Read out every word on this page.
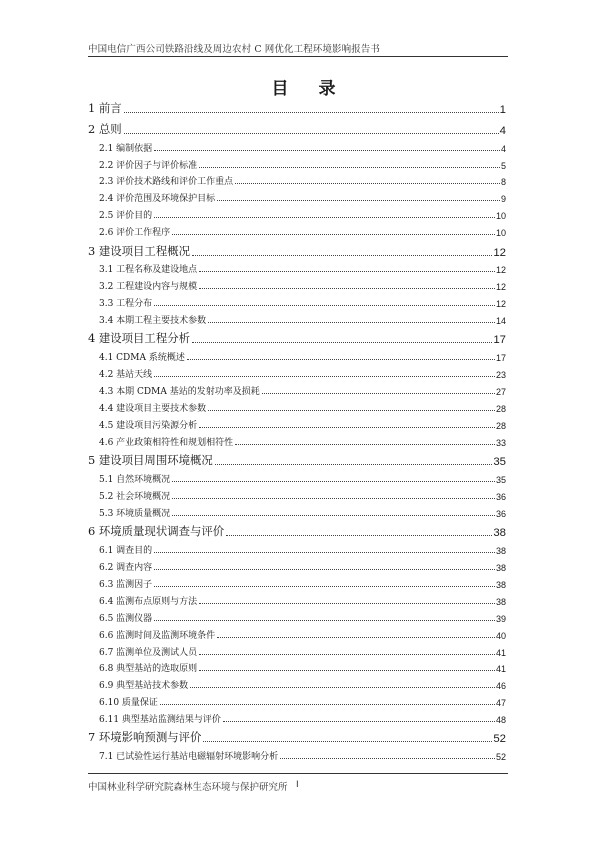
中国电信广西公司铁路沿线及周边农村 C 网优化工程环境影响报告书
目 录
1 前言	1
2 总则	4
2.1 编制依据	4
2.2 评价因子与评价标准	5
2.3 评价技术路线和评价工作重点	8
2.4 评价范围及环境保护目标	9
2.5 评价目的	10
2.6 评价工作程序	10
3 建设项目工程概况	12
3.1 工程名称及建设地点	12
3.2 工程建设内容与规模	12
3.3 工程分布	12
3.4 本期工程主要技术参数	14
4 建设项目工程分析	17
4.1 CDMA 系统概述	17
4.2 基站天线	23
4.3 本期 CDMA 基站的发射功率及损耗	27
4.4 建设项目主要技术参数	28
4.5 建设项目污染源分析	28
4.6 产业政策相符性和规划相符性	33
5 建设项目周围环境概况	35
5.1 自然环境概况	35
5.2 社会环境概况	36
5.3 环境质量概况	36
6 环境质量现状调查与评价	38
6.1 调查目的	38
6.2 调查内容	38
6.3 监测因子	38
6.4 监测布点原则与方法	38
6.5 监测仪器	39
6.6 监测时间及监测环境条件	40
6.7 监测单位及测试人员	41
6.8 典型基站的选取原则	41
6.9 典型基站技术参数	46
6.10 质量保证	47
6.11 典型基站监测结果与评价	48
7 环境影响预测与评价	52
7.1 已试验性运行基站电磁辐射环境影响分析	52
中国林业科学研究院森林生态环境与保护研究所 I
